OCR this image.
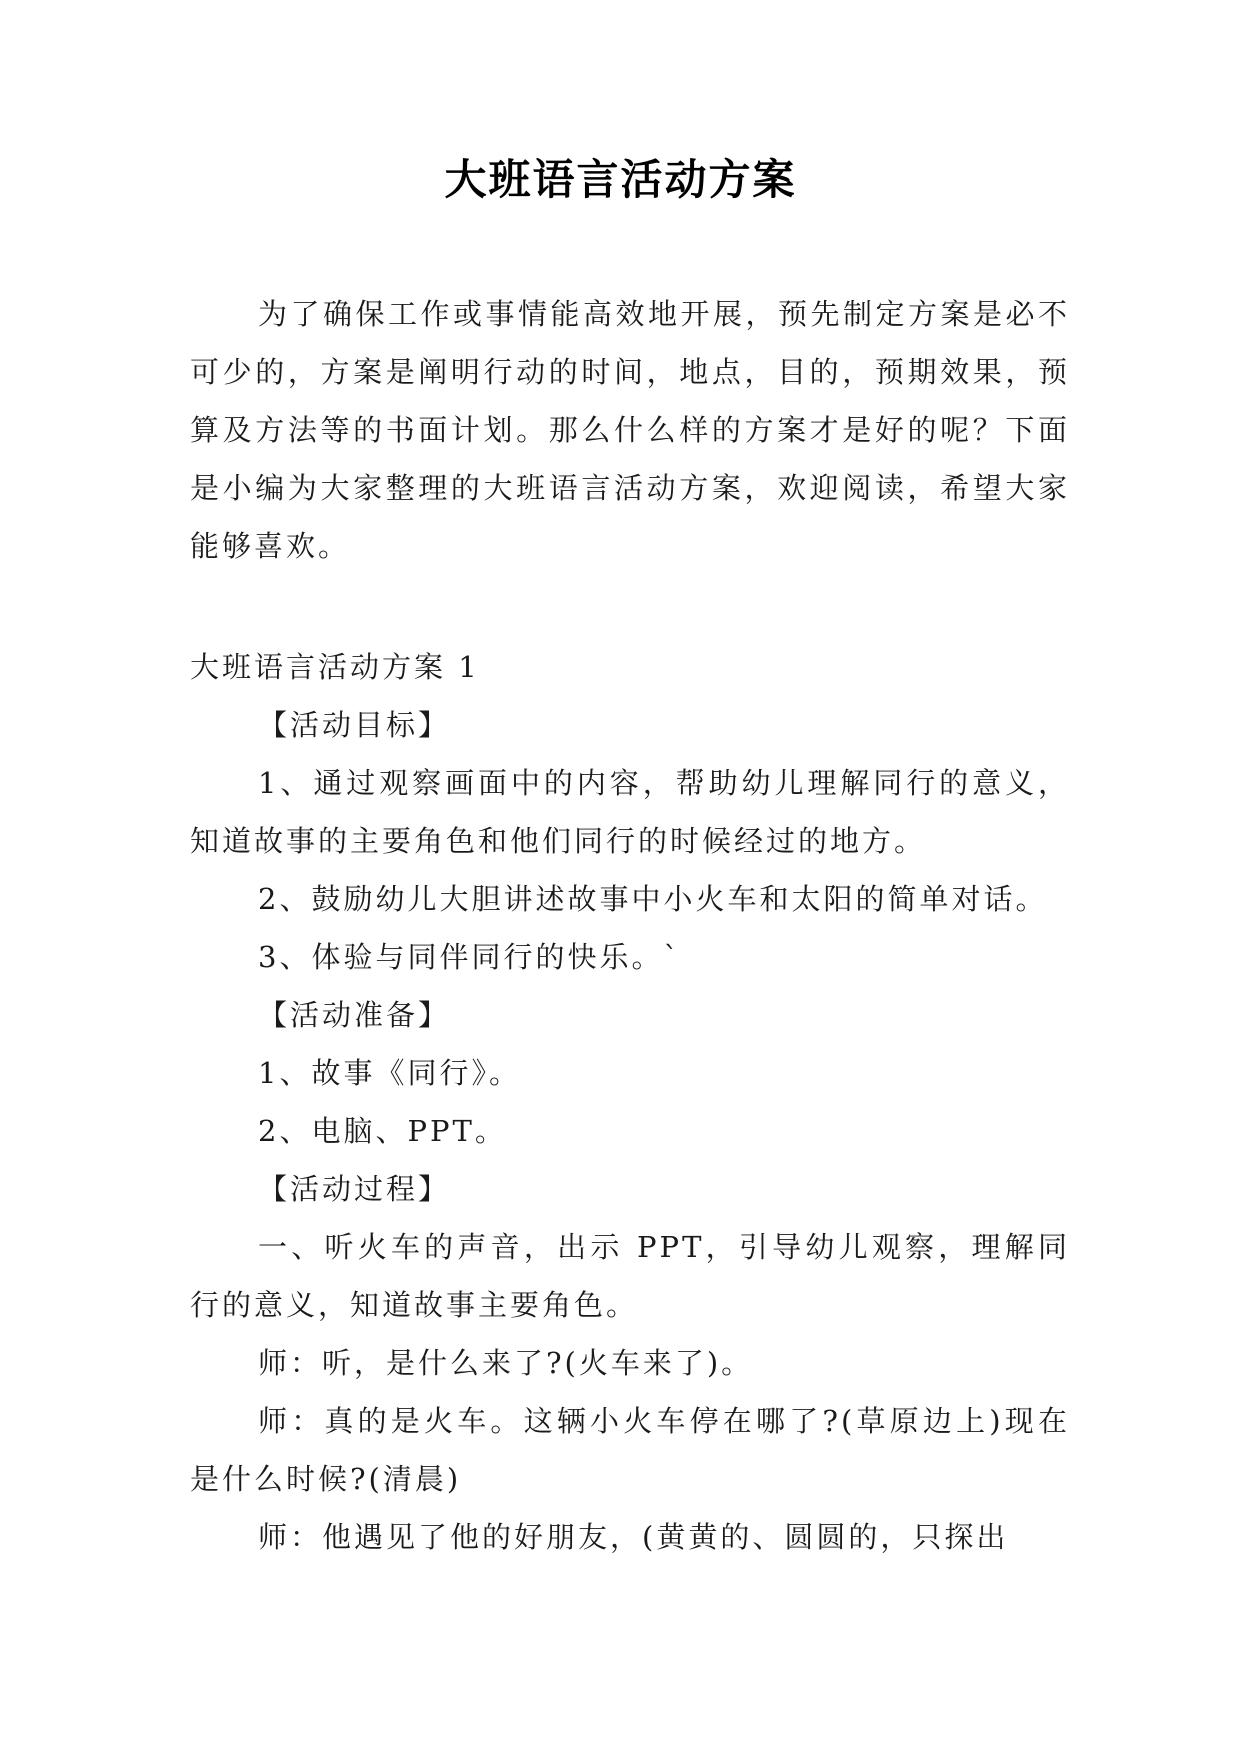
大班语言活动方案

为了确保工作或事情能高效地开展，预先制定方案是必不可少的，方案是阐明行动的时间，地点，目的，预期效果，预算及方法等的书面计划。那么什么样的方案才是好的呢？下面是小编为大家整理的大班语言活动方案，欢迎阅读，希望大家能够喜欢。

大班语言活动方案 1

【活动目标】

1、通过观察画面中的内容，帮助幼儿理解同行的意义，知道故事的主要角色和他们同行的时候经过的地方。

2、鼓励幼儿大胆讲述故事中小火车和太阳的简单对话。

3、体验与同伴同行的快乐。`

【活动准备】

1、故事《同行》。

2、电脑、PPT。

【活动过程】

一、听火车的声音，出示 PPT，引导幼儿观察，理解同行的意义，知道故事主要角色。

师：听，是什么来了?(火车来了)。

师：真的是火车。这辆小火车停在哪了?(草原边上)现在是什么时候?(清晨)

师：他遇见了他的好朋友，(黄黄的、圆圆的，只探出
